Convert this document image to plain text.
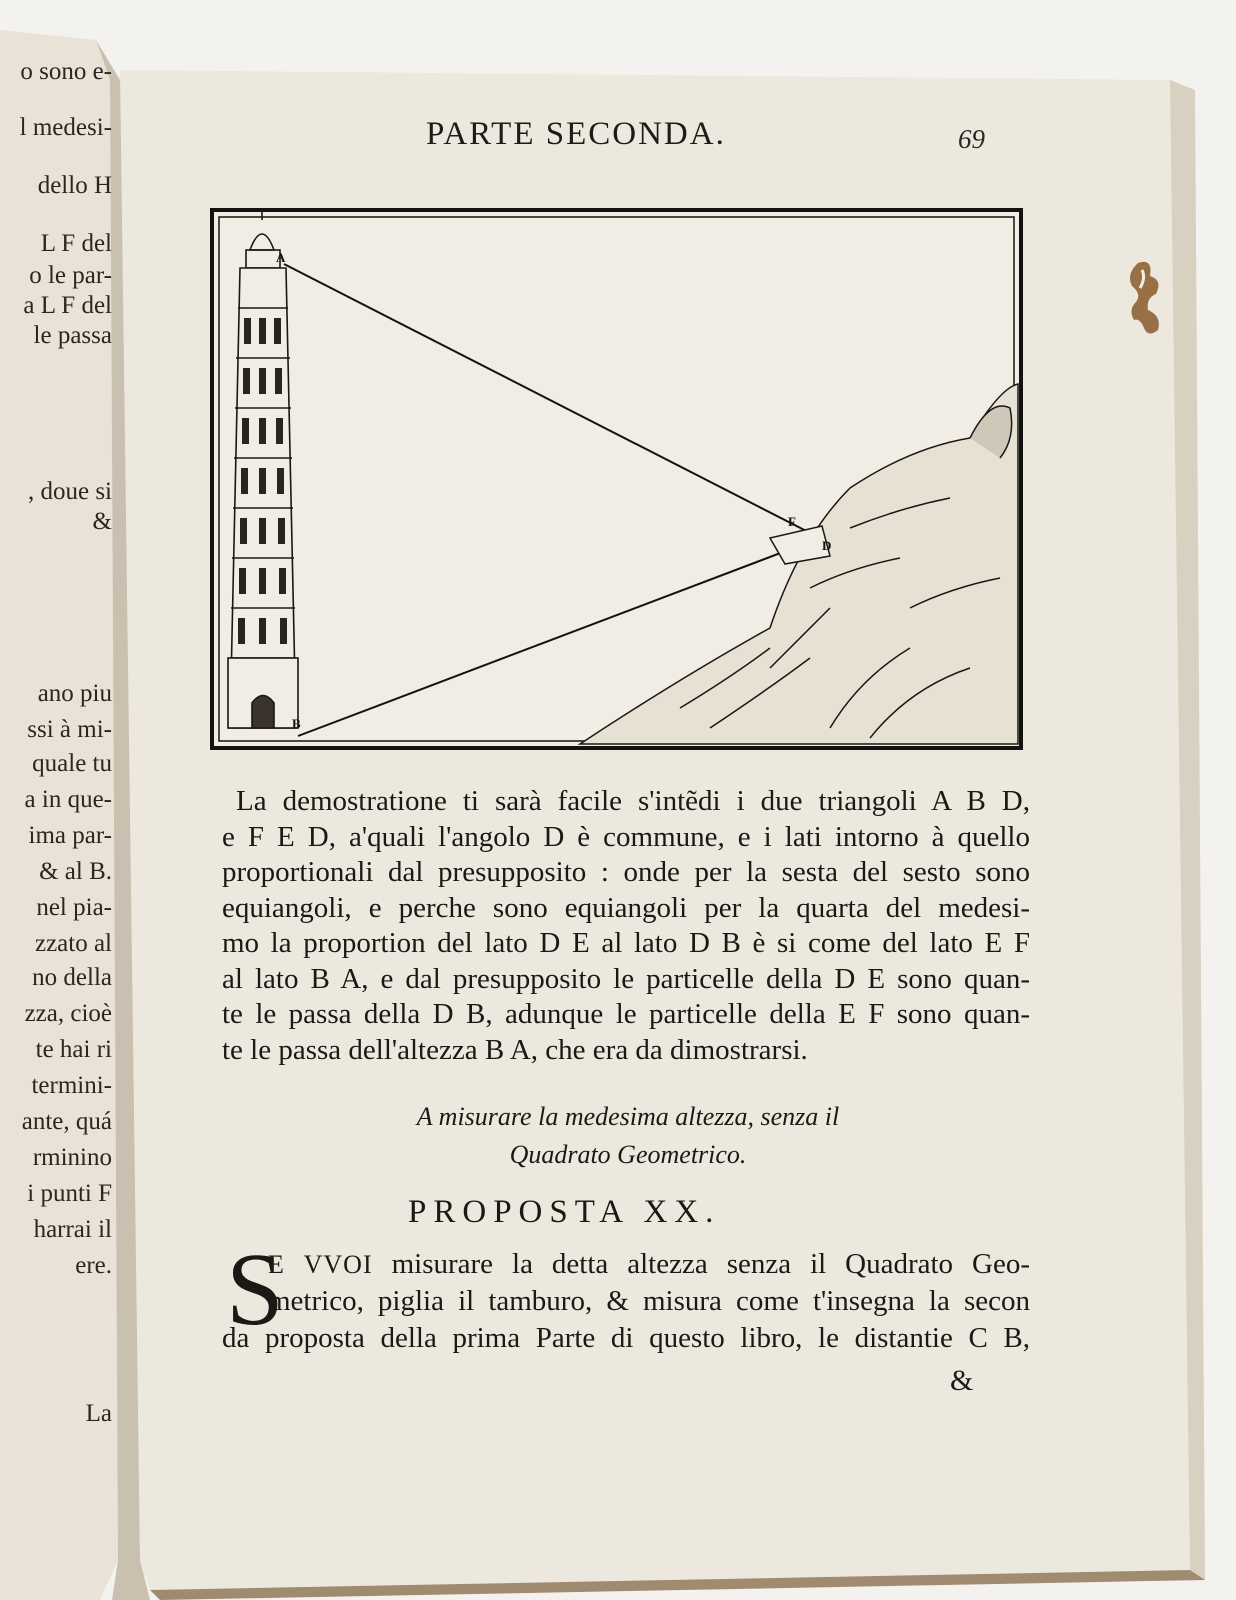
o sono e-
l medesi-
dello H
L F del
o le par-
a L F del
le passa
, doue si
&
ano piu
ssi à mi-
quale tu
a in que-
ima par-
& al B.
nel pia-
zzato al
no della
zza, cioè
te hai ri
termini-
ante, quá
rminino
i punti F
harrai il
ere.
La
PARTE SECONDA.	69
A
B
F
D
La demostratione ti sarà facile s'intẽdi i due triangoli A B D,
e F E D, a'quali l'angolo D è commune, e i lati intorno à quello
proportionali dal presupposito : onde per la sesta del sesto sono
equiangoli, e perche sono equiangoli per la quarta del medesi-
mo la proportion del lato D E al lato D B è si come del lato E F
al lato B A, e dal presupposito le particelle della D E sono quan-
te le passa della D B, adunque le particelle della E F sono quan-
te le passa dell'altezza B A, che era da dimostrarsi.
A misurare la medesima altezza, senza il
Quadrato Geometrico.
PROPOSTA XX.
S
E VVOI misurare la detta altezza senza il Quadrato Geo-
metrico, piglia il tamburo, & misura come t'insegna la secon
da proposta della prima Parte di questo libro, le distantie C B,
&
